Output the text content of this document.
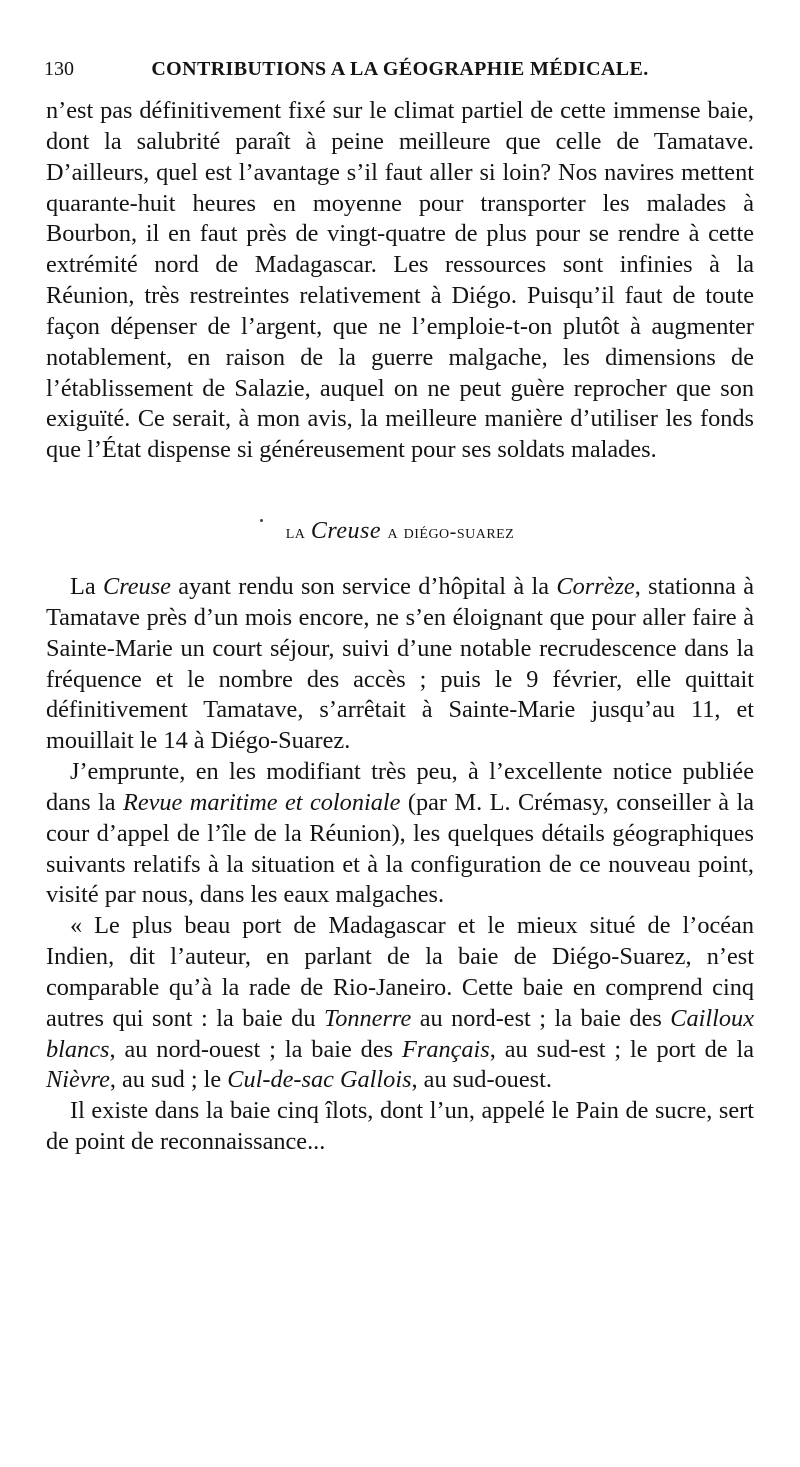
130	CONTRIBUTIONS A LA GÉOGRAPHIE MÉDICALE.

n’est pas définitivement fixé sur le climat partiel de cette immense baie, dont la salubrité paraît à peine meilleure que celle de Tamatave. D’ailleurs, quel est l’avantage s’il faut aller si loin? Nos navires mettent quarante-huit heures en moyenne pour transporter les malades à Bourbon, il en faut près de vingt-quatre de plus pour se rendre à cette extrémité nord de Madagascar. Les ressources sont infinies à la Réunion, très restreintes relativement à Diégo. Puisqu’il faut de toute façon dépenser de l’argent, que ne l’emploie-t-on plutôt à augmenter notablement, en raison de la guerre malgache, les dimensions de l’établissement de Salazie, auquel on ne peut guère reprocher que son exiguïté. Ce serait, à mon avis, la meilleure manière d’utiliser les fonds que l’État dispense si généreusement pour ses soldats malades.

la Creuse a diégo-suarez

La Creuse ayant rendu son service d’hôpital à la Corrèze, stationna à Tamatave près d’un mois encore, ne s’en éloignant que pour aller faire à Sainte-Marie un court séjour, suivi d’une notable recrudescence dans la fréquence et le nombre des accès ; puis le 9 février, elle quittait définitivement Tamatave, s’arrêtait à Sainte-Marie jusqu’au 11, et mouillait le 14 à Diégo-Suarez.

J’emprunte, en les modifiant très peu, à l’excellente notice publiée dans la Revue maritime et coloniale (par M. L. Crémasy, conseiller à la cour d’appel de l’île de la Réunion), les quelques détails géographiques suivants relatifs à la situation et à la configuration de ce nouveau point, visité par nous, dans les eaux malgaches.

« Le plus beau port de Madagascar et le mieux situé de l’océan Indien, dit l’auteur, en parlant de la baie de Diégo-Suarez, n’est comparable qu’à la rade de Rio-Janeiro. Cette baie en comprend cinq autres qui sont : la baie du Tonnerre au nord-est ; la baie des Cailloux blancs, au nord-ouest ; la baie des Français, au sud-est ; le port de la Nièvre, au sud ; le Cul-de-sac Gallois, au sud-ouest.

Il existe dans la baie cinq îlots, dont l’un, appelé le Pain de sucre, sert de point de reconnaissance...
